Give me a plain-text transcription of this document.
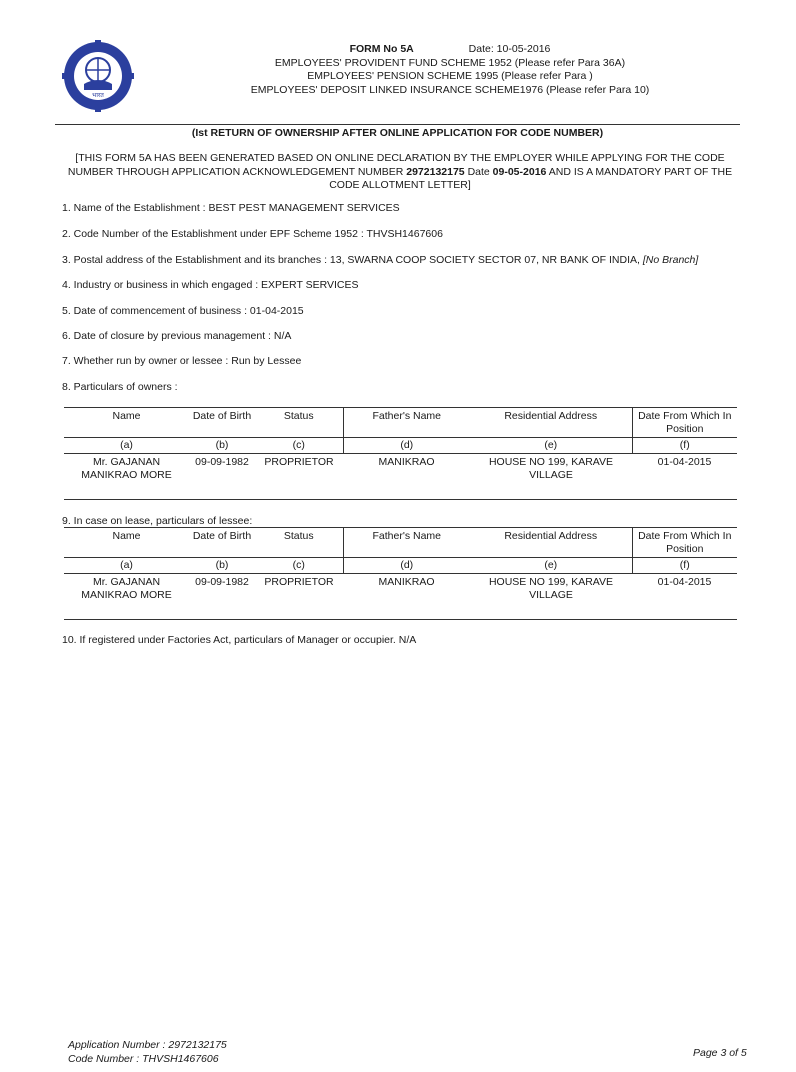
भारत
FORM No 5A	Date: 10-05-2016
EMPLOYEES' PROVIDENT FUND SCHEME 1952 (Please refer Para 36A)
EMPLOYEES' PENSION SCHEME 1995 (Please refer Para )
EMPLOYEES' DEPOSIT LINKED INSURANCE SCHEME1976 (Please refer Para 10)
(Ist RETURN OF OWNERSHIP AFTER ONLINE APPLICATION FOR CODE NUMBER)
[THIS FORM 5A HAS BEEN GENERATED BASED ON ONLINE DECLARATION BY THE EMPLOYER WHILE APPLYING FOR THE CODE NUMBER THROUGH APPLICATION ACKNOWLEDGEMENT NUMBER 2972132175 Date 09-05-2016 AND IS A MANDATORY PART OF THE CODE ALLOTMENT LETTER]
1. Name of the Establishment : BEST PEST MANAGEMENT SERVICES
2. Code Number of the Establishment under EPF Scheme 1952 : THVSH1467606
3. Postal address of the Establishment and its branches : 13, SWARNA COOP SOCIETY SECTOR 07, NR BANK OF INDIA, [No Branch]
4. Industry or business in which engaged : EXPERT SERVICES
5. Date of commencement of business : 01-04-2015
6. Date of closure by previous management : N/A
7. Whether run by owner or lessee : Run by Lessee
8. Particulars of owners :
Name	Date of Birth	Status	Father's Name	Residential Address	Date From Which In Position
(a)	(b)	(c)	(d)	(e)	(f)
Mr. GAJANAN MANIKRAO MORE	09-09-1982	PROPRIETOR	MANIKRAO	HOUSE NO 199, KARAVE VILLAGE	01-04-2015
9. In case on lease, particulars of lessee:
Name	Date of Birth	Status	Father's Name	Residential Address	Date From Which In Position
(a)	(b)	(c)	(d)	(e)	(f)
Mr. GAJANAN MANIKRAO MORE	09-09-1982	PROPRIETOR	MANIKRAO	HOUSE NO 199, KARAVE VILLAGE	01-04-2015
10. If registered under Factories Act, particulars of Manager or occupier. N/A
Application Number : 2972132175
Code Number : THVSH1467606	Page 3 of 5
